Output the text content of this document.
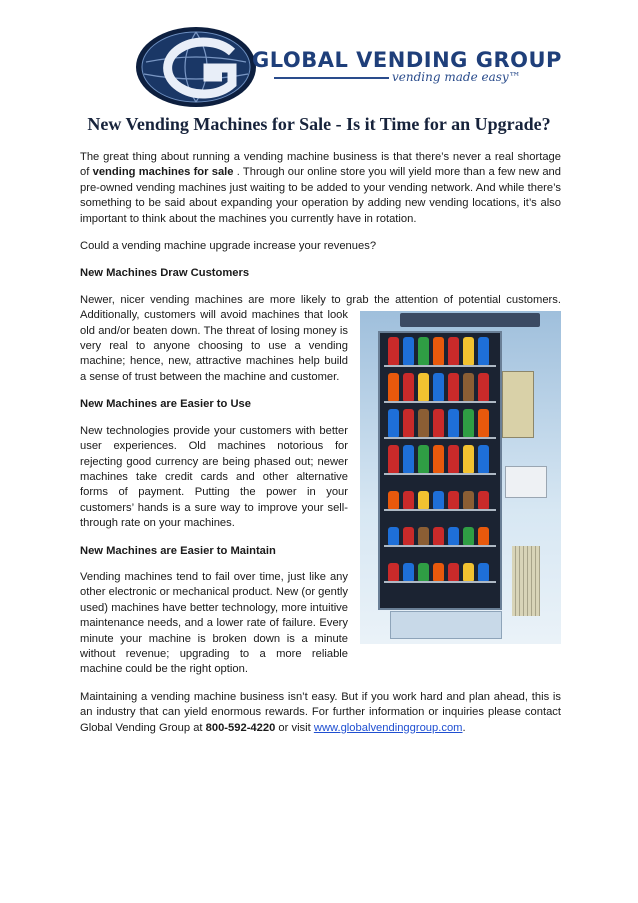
GLOBAL VENDING GROUP
vending made easy™
New Vending Machines for Sale - Is it Time for an Upgrade?

The great thing about running a vending machine business is that there’s never a real shortage of vending machines for sale . Through our online store you will yield more than a few new and pre-owned vending machines just waiting to be added to your vending network. And while there’s something to be said about expanding your operation by adding new vending locations, it’s also important to think about the machines you currently have in rotation.

Could a vending machine upgrade increase your revenues?

New Machines Draw Customers

Newer, nicer vending machines are more likely to grab the attention of potential customers.
Additionally, customers will avoid machines that look old and/or beaten down. The threat of losing money is very real to anyone choosing to use a vending machine; hence, new, attractive machines help build a sense of trust between the machine and customer.

New Machines are Easier to Use

New technologies provide your customers with better user experiences. Old machines notorious for rejecting good currency are being phased out; newer machines take credit cards and other alternative forms of payment. Putting the power in your customers’ hands is a sure way to improve your sell-through rate on your machines.

New Machines are Easier to Maintain

Vending machines tend to fail over time, just like any other electronic or mechanical product. New (or gently used) machines have better technology, more intuitive maintenance needs, and a lower rate of failure. Every minute your machine is broken down is a minute without revenue; upgrading to a more reliable machine could be the right option.

Maintaining a vending machine business isn’t easy. But if you work hard and plan ahead, this is an industry that can yield enormous rewards. For further information or inquiries please contact Global Vending Group at 800-592-4220 or visit www.globalvendinggroup.com.
